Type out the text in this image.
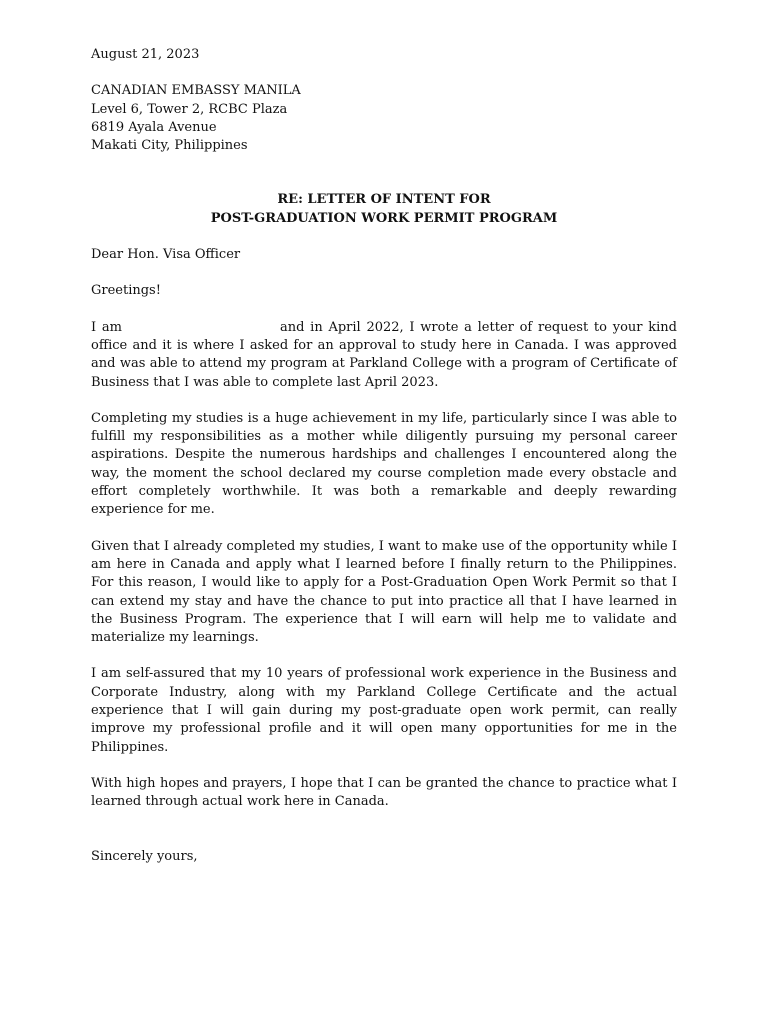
August 21, 2023
CANADIAN EMBASSY MANILA
Level 6, Tower 2, RCBC Plaza
6819 Ayala Avenue
Makati City, Philippines
RE: LETTER OF INTENT FOR
POST-GRADUATION WORK PERMIT PROGRAM
Dear Hon. Visa Officer
Greetings!

I am	and in April 2022, I wrote a letter of request to your kind office and it is where I asked for an approval to study here in Canada. I was approved and was able to attend my program at Parkland College with a program of Certificate of Business that I was able to complete last April 2023.

Completing my studies is a huge achievement in my life, particularly since I was able to fulfill my responsibilities as a mother while diligently pursuing my personal career aspirations. Despite the numerous hardships and challenges I encountered along the way, the moment the school declared my course completion made every obstacle and effort completely worthwhile. It was both a remarkable and deeply rewarding experience for me.

Given that I already completed my studies, I want to make use of the opportunity while I am here in Canada and apply what I learned before I finally return to the Philippines. For this reason, I would like to apply for a Post-Graduation Open Work Permit so that I can extend my stay and have the chance to put into practice all that I have learned in the Business Program. The experience that I will earn will help me to validate and materialize my learnings.

I am self-assured that my 10 years of professional work experience in the Business and Corporate Industry, along with my Parkland College Certificate and the actual experience that I will gain during my post-graduate open work permit, can really improve my professional profile and it will open many opportunities for me in the Philippines.

With high hopes and prayers, I hope that I can be granted the chance to practice what I learned through actual work here in Canada.

Sincerely yours,
